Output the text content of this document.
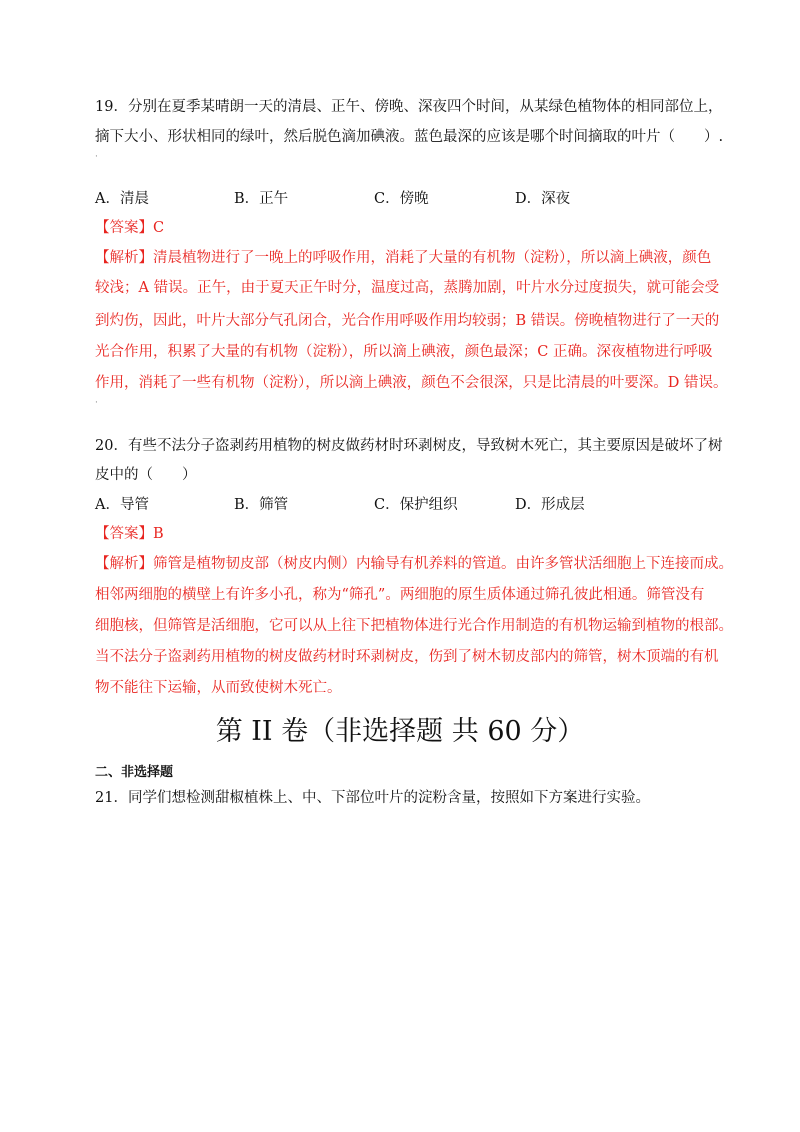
19．分别在夏季某晴朗一天的清晨、正午、傍晚、深夜四个时间，从某绿色植物体的相同部位上，
摘下大小、形状相同的绿叶，然后脱色滴加碘液。蓝色最深的应该是哪个时间摘取的叶片（　　）.
·
A．清晨	B．正午	C．傍晚	D．深夜
【答案】C
【解析】清晨植物进行了一晚上的呼吸作用，消耗了大量的有机物（淀粉），所以滴上碘液，颜色
较浅；A 错误。正午，由于夏天正午时分，温度过高，蒸腾加剧，叶片水分过度损失，就可能会受
到灼伤，因此，叶片大部分气孔闭合，光合作用呼吸作用均较弱；B 错误。傍晚植物进行了一天的
光合作用，积累了大量的有机物（淀粉），所以滴上碘液，颜色最深；C 正确。深夜植物进行呼吸
作用，消耗了一些有机物（淀粉），所以滴上碘液，颜色不会很深，只是比清晨的叶要深。D 错误。
·
20．有些不法分子盗剥药用植物的树皮做药材时环剥树皮，导致树木死亡，其主要原因是破坏了树
皮中的（　　）
A．导管	B．筛管	C．保护组织	D．形成层
【答案】B
【解析】筛管是植物韧皮部（树皮内侧）内输导有机养料的管道。由许多管状活细胞上下连接而成。
相邻两细胞的横壁上有许多小孔，称为“筛孔”。两细胞的原生质体通过筛孔彼此相通。筛管没有
细胞核，但筛管是活细胞，它可以从上往下把植物体进行光合作用制造的有机物运输到植物的根部。
当不法分子盗剥药用植物的树皮做药材时环剥树皮，伤到了树木韧皮部内的筛管，树木顶端的有机
物不能往下运输，从而致使树木死亡。
第 II 卷（非选择题 共 60 分）
二、非选择题
21．同学们想检测甜椒植株上、中、下部位叶片的淀粉含量，按照如下方案进行实验。
